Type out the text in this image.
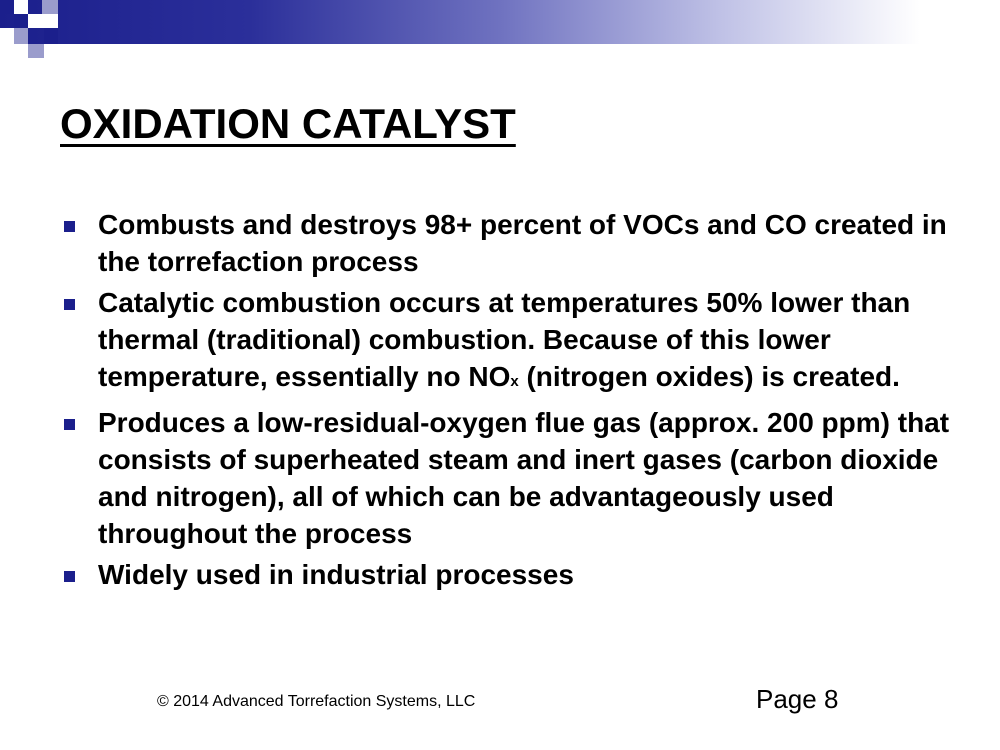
OXIDATION CATALYST
Combusts and destroys 98+ percent of VOCs and CO created in the torrefaction process
Catalytic combustion occurs at temperatures 50% lower than thermal (traditional) combustion. Because of this lower temperature, essentially no NOx (nitrogen oxides) is created.
Produces a low-residual-oxygen flue gas (approx. 200 ppm) that consists of superheated steam and inert gases (carbon dioxide and nitrogen), all of which can be advantageously used throughout the process
Widely used in industrial processes
© 2014 Advanced Torrefaction Systems, LLC	Page 8
